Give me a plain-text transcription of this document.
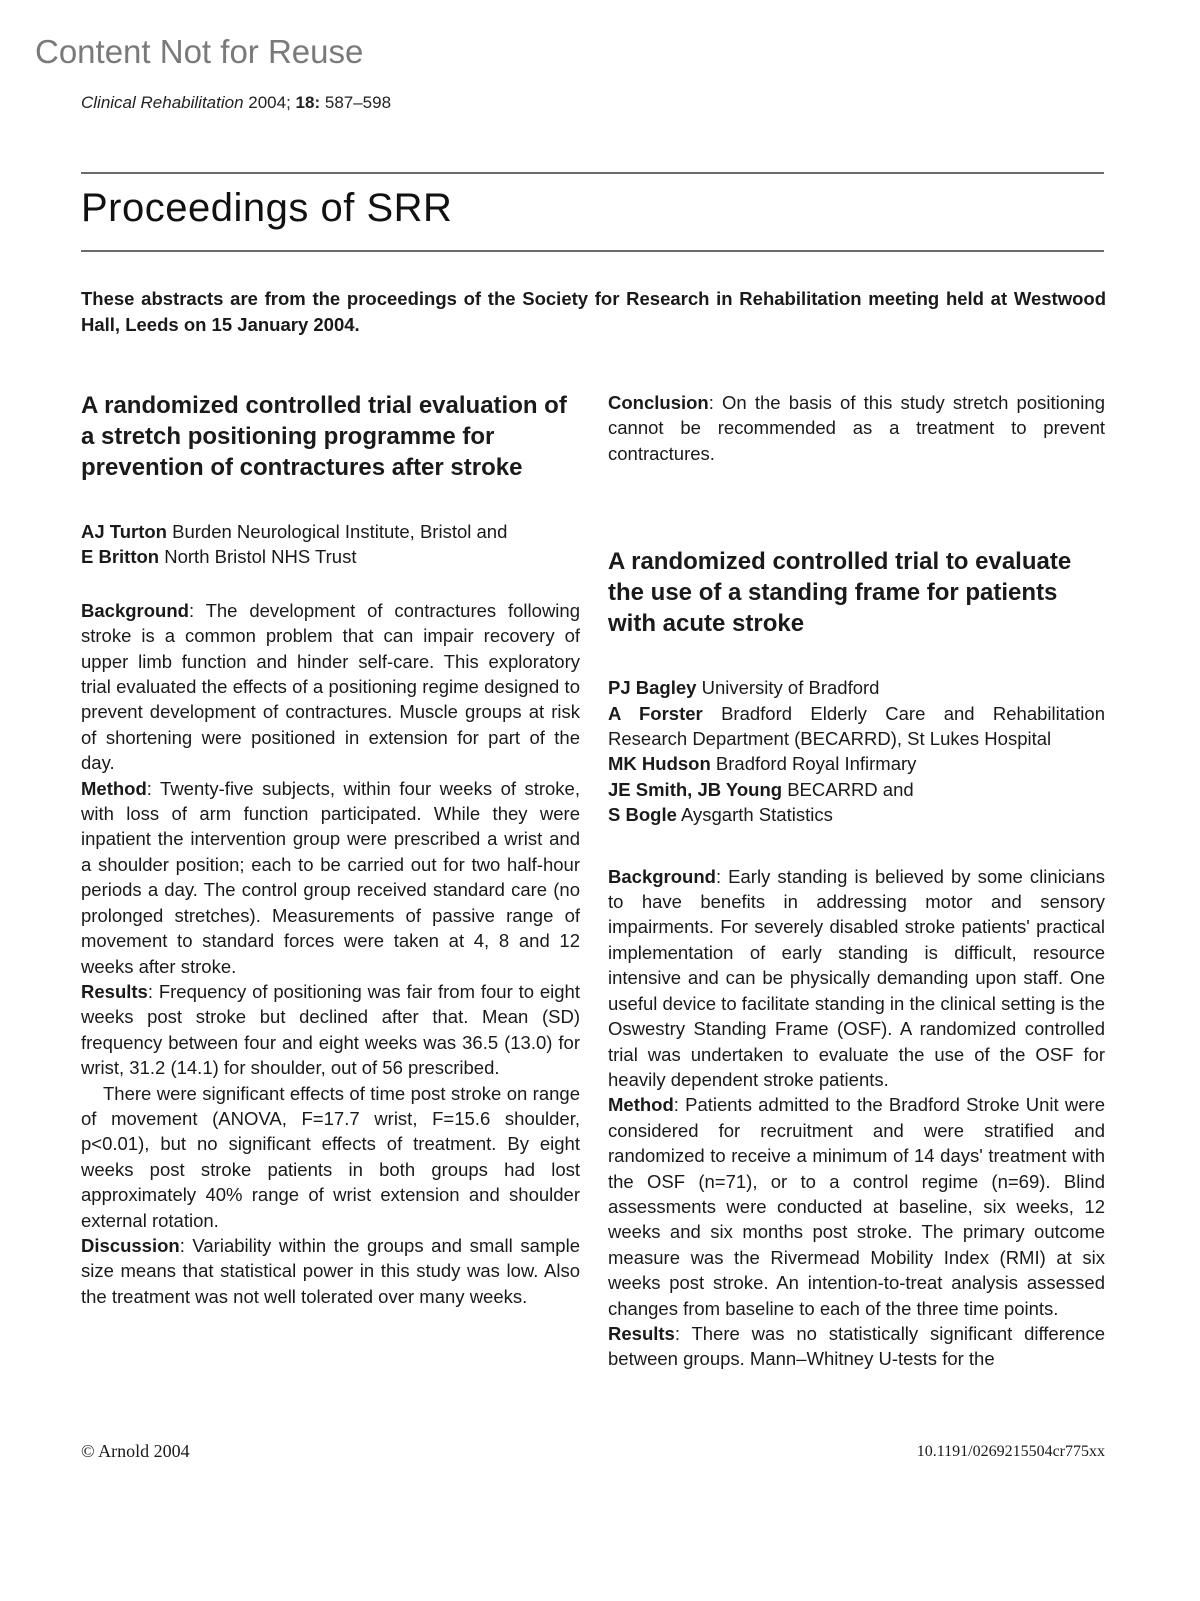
Content Not for Reuse
Clinical Rehabilitation 2004; 18: 587–598
Proceedings of SRR
These abstracts are from the proceedings of the Society for Research in Rehabilitation meeting held at Westwood Hall, Leeds on 15 January 2004.
A randomized controlled trial evaluation of a stretch positioning programme for prevention of contractures after stroke
AJ Turton Burden Neurological Institute, Bristol and
E Britton North Bristol NHS Trust

Background: The development of contractures following stroke is a common problem that can impair recovery of upper limb function and hinder self-care. This exploratory trial evaluated the effects of a positioning regime designed to prevent development of contractures. Muscle groups at risk of shortening were positioned in extension for part of the day.

Method: Twenty-five subjects, within four weeks of stroke, with loss of arm function participated. While they were inpatient the intervention group were prescribed a wrist and a shoulder position; each to be carried out for two half-hour periods a day. The control group received standard care (no prolonged stretches). Measurements of passive range of movement to standard forces were taken at 4, 8 and 12 weeks after stroke.

Results: Frequency of positioning was fair from four to eight weeks post stroke but declined after that. Mean (SD) frequency between four and eight weeks was 36.5 (13.0) for wrist, 31.2 (14.1) for shoulder, out of 56 prescribed.

There were significant effects of time post stroke on range of movement (ANOVA, F=17.7 wrist, F=15.6 shoulder, p<0.01), but no significant effects of treatment. By eight weeks post stroke patients in both groups had lost approximately 40% range of wrist extension and shoulder external rotation.

Discussion: Variability within the groups and small sample size means that statistical power in this study was low. Also the treatment was not well tolerated over many weeks.

Conclusion: On the basis of this study stretch positioning cannot be recommended as a treatment to prevent contractures.

A randomized controlled trial to evaluate the use of a standing frame for patients with acute stroke
PJ Bagley University of Bradford
A Forster Bradford Elderly Care and Rehabilitation Research Department (BECARRD), St Lukes Hospital
MK Hudson Bradford Royal Infirmary
JE Smith, JB Young BECARRD and
S Bogle Aysgarth Statistics

Background: Early standing is believed by some clinicians to have benefits in addressing motor and sensory impairments. For severely disabled stroke patients' practical implementation of early standing is difficult, resource intensive and can be physically demanding upon staff. One useful device to facilitate standing in the clinical setting is the Oswestry Standing Frame (OSF). A randomized controlled trial was undertaken to evaluate the use of the OSF for heavily dependent stroke patients.

Method: Patients admitted to the Bradford Stroke Unit were considered for recruitment and were stratified and randomized to receive a minimum of 14 days' treatment with the OSF (n=71), or to a control regime (n=69). Blind assessments were conducted at baseline, six weeks, 12 weeks and six months post stroke. The primary outcome measure was the Rivermead Mobility Index (RMI) at six weeks post stroke. An intention-to-treat analysis assessed changes from baseline to each of the three time points.

Results: There was no statistically significant difference between groups. Mann–Whitney U-tests for the

© Arnold 2004	10.1191/0269215504cr775xx
